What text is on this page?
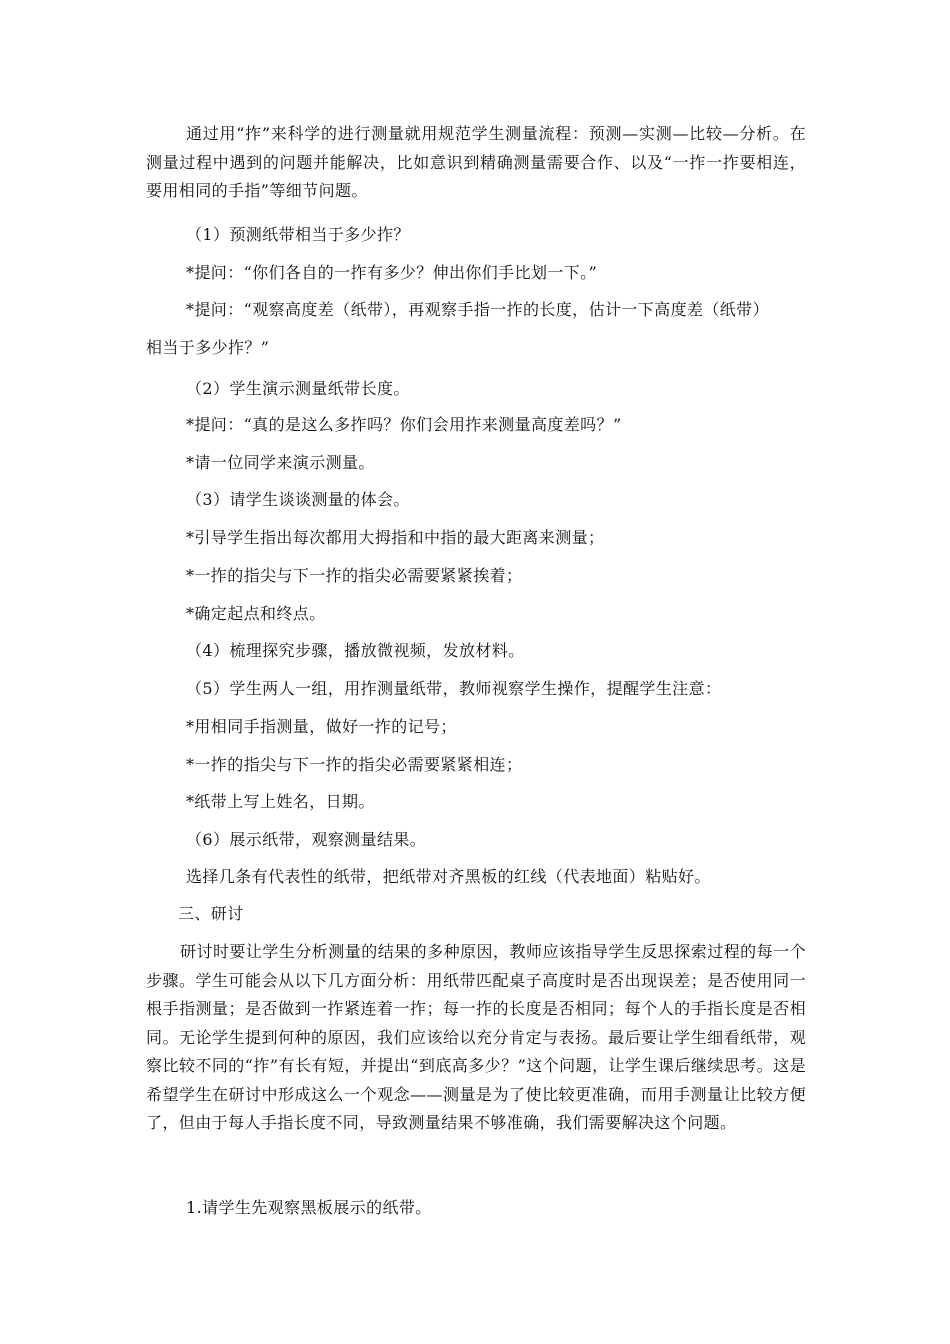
通过用“拃”来科学的进行测量就用规范学生测量流程：预测—实测—比较—分析。在测量过程中遇到的问题并能解决，比如意识到精确测量需要合作、以及“一拃一拃要相连，要用相同的手指”等细节问题。
（1）预测纸带相当于多少拃？
*提问：“你们各自的一拃有多少？伸出你们手比划一下。”
*提问：“观察高度差（纸带），再观察手指一拃的长度，估计一下高度差（纸带）
相当于多少拃？”
（2）学生演示测量纸带长度。
*提问：“真的是这么多拃吗？你们会用拃来测量高度差吗？”
*请一位同学来演示测量。
（3）请学生谈谈测量的体会。
*引导学生指出每次都用大拇指和中指的最大距离来测量；
*一拃的指尖与下一拃的指尖必需要紧紧挨着；
*确定起点和终点。
（4）梳理探究步骤，播放微视频，发放材料。
（5）学生两人一组，用拃测量纸带，教师视察学生操作，提醒学生注意：
*用相同手指测量，做好一拃的记号；
*一拃的指尖与下一拃的指尖必需要紧紧相连；
*纸带上写上姓名，日期。
（6）展示纸带，观察测量结果。
选择几条有代表性的纸带，把纸带对齐黑板的红线（代表地面）粘贴好。
三、研讨
研讨时要让学生分析测量的结果的多种原因，教师应该指导学生反思探索过程的每一个步骤。学生可能会从以下几方面分析：用纸带匹配桌子高度时是否出现误差；是否使用同一根手指测量；是否做到一拃紧连着一拃；每一拃的长度是否相同；每个人的手指长度是否相同。无论学生提到何种的原因，我们应该给以充分肯定与表扬。最后要让学生细看纸带，观察比较不同的“拃”有长有短，并提出“到底高多少？”这个问题，让学生课后继续思考。这是希望学生在研讨中形成这么一个观念——测量是为了使比较更准确，而用手测量让比较方便了，但由于每人手指长度不同，导致测量结果不够准确，我们需要解决这个问题。
1.请学生先观察黑板展示的纸带。
